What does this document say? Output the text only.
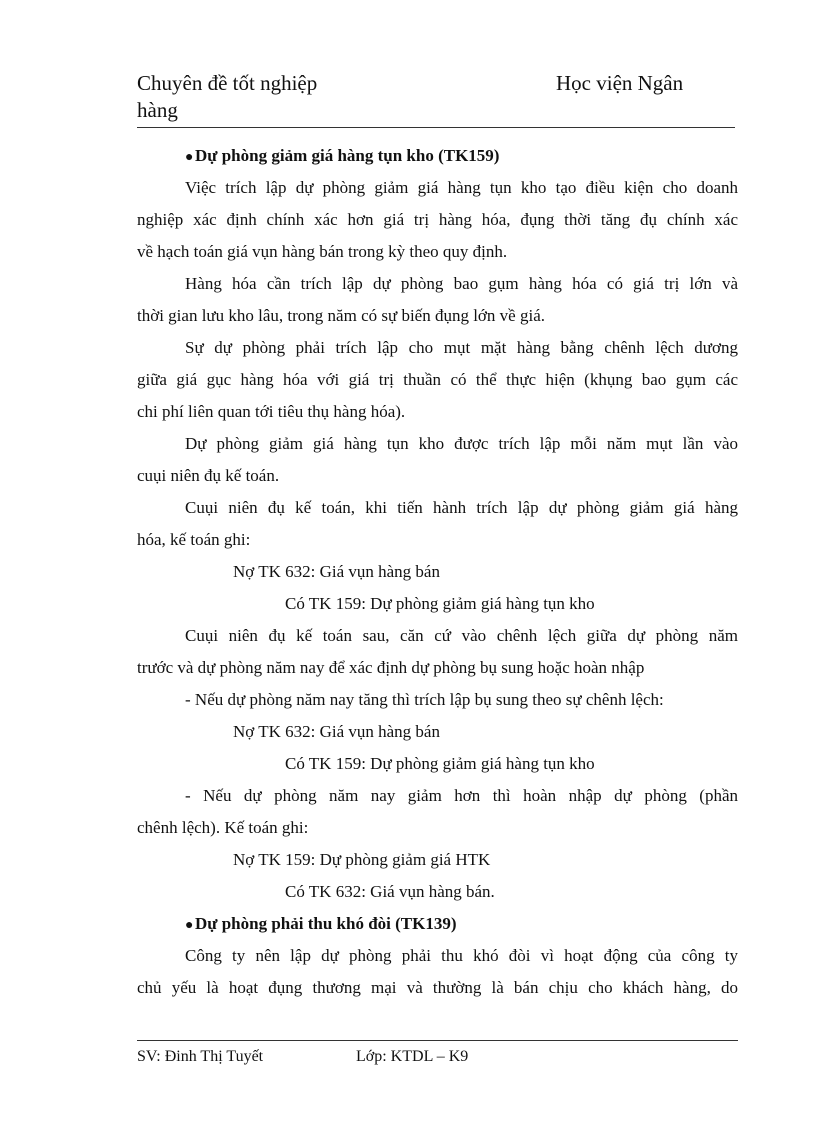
Chuyên đề tốt nghiệp
hàng
Học viện Ngân
●Dự phòng giảm giá hàng tụn kho (TK159)
Việc trích lập dự phòng giảm giá hàng tụn kho tạo điều kiện cho doanh
nghiệp xác định chính xác hơn giá trị hàng hóa, đụng thời tăng đụ chính xác
về hạch toán giá vụn hàng bán trong kỳ theo quy định.
Hàng hóa cần trích lập dự phòng bao gụm hàng hóa có giá trị lớn và
thời gian lưu kho lâu, trong năm có sự biến đụng lớn về giá.
Sự dự phòng phải trích lập cho mụt mặt hàng bằng chênh lệch dương
giữa giá gục hàng hóa với giá trị thuần có thể thực hiện (khụng bao gụm các
chi phí liên quan tới tiêu thụ hàng hóa).
Dự phòng giảm giá hàng tụn kho được trích lập mỗi năm mụt lần vào
cuụi niên đụ kế toán.
Cuụi niên đụ kế toán, khi tiến hành trích lập dự phòng giảm giá hàng
hóa, kế toán ghi:
Nợ TK 632: Giá vụn hàng bán
Có TK 159: Dự phòng giảm giá hàng tụn kho
Cuụi niên đụ kế toán sau, căn cứ vào chênh lệch giữa dự phòng năm
trước và dự phòng năm nay để xác định dự phòng bụ sung hoặc hoàn nhập
- Nếu dự phòng năm nay tăng thì trích lập bụ sung theo sự chênh lệch:
Nợ TK 632: Giá vụn hàng bán
Có TK 159: Dự phòng giảm giá hàng tụn kho
- Nếu dự phòng năm nay giảm hơn thì hoàn nhập dự phòng (phần
chênh lệch). Kế toán ghi:
Nợ TK 159: Dự phòng giảm giá HTK
Có TK 632: Giá vụn hàng bán.
●Dự phòng phải thu khó đòi (TK139)
Công ty nên lập dự phòng phải thu khó đòi vì hoạt động của công ty
chủ yếu là hoạt đụng thương mại và thường là bán chịu cho khách hàng, do
SV: Đinh Thị Tuyết	Lớp: KTDL – K9
